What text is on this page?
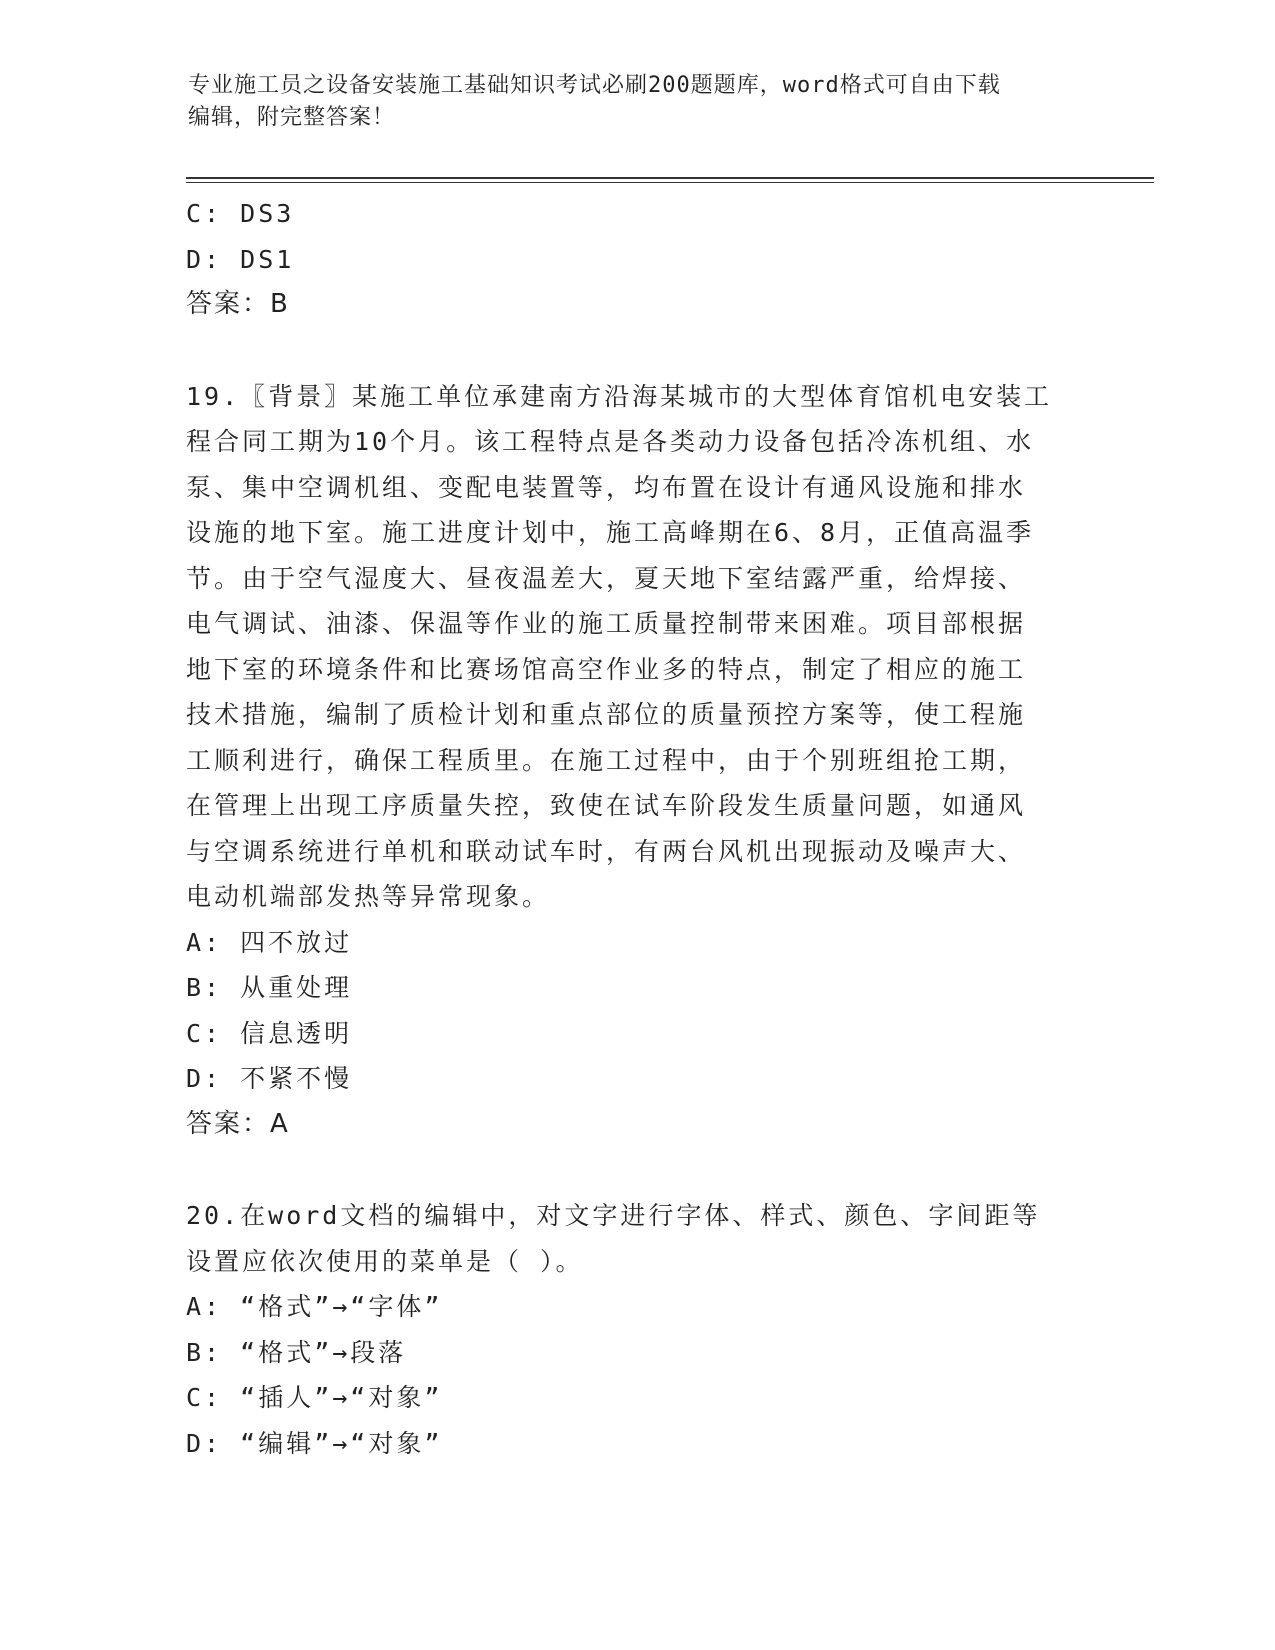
专业施工员之设备安装施工基础知识考试必刷200题题库，word格式可自由下载
编辑，附完整答案！
C: DS3
D: DS1
答案：B
19.〖背景〗某施工单位承建南方沿海某城市的大型体育馆机电安装工
程合同工期为10个月。该工程特点是各类动力设备包括冷冻机组、水
泵、集中空调机组、变配电装置等，均布置在设计有通风设施和排水
设施的地下室。施工进度计划中，施工高峰期在6、8月，正值高温季
节。由于空气湿度大、昼夜温差大，夏天地下室结露严重，给焊接、
电气调试、油漆、保温等作业的施工质量控制带来困难。项目部根据
地下室的环境条件和比赛场馆高空作业多的特点，制定了相应的施工
技术措施，编制了质检计划和重点部位的质量预控方案等，使工程施
工顺利进行，确保工程质里。在施工过程中，由于个别班组抢工期，
在管理上出现工序质量失控，致使在试车阶段发生质量问题，如通风
与空调系统进行单机和联动试车时，有两台风机出现振动及噪声大、
电动机端部发热等异常现象。
A: 四不放过
B: 从重处理
C: 信息透明
D: 不紧不慢
答案：A
20.在word文档的编辑中，对文字进行字体、样式、颜色、字间距等
设置应依次使用的菜单是（ ）。
A: “格式”→“字体”
B: “格式”→段落
C: “插人”→“对象”
D: “编辑”→“对象”
